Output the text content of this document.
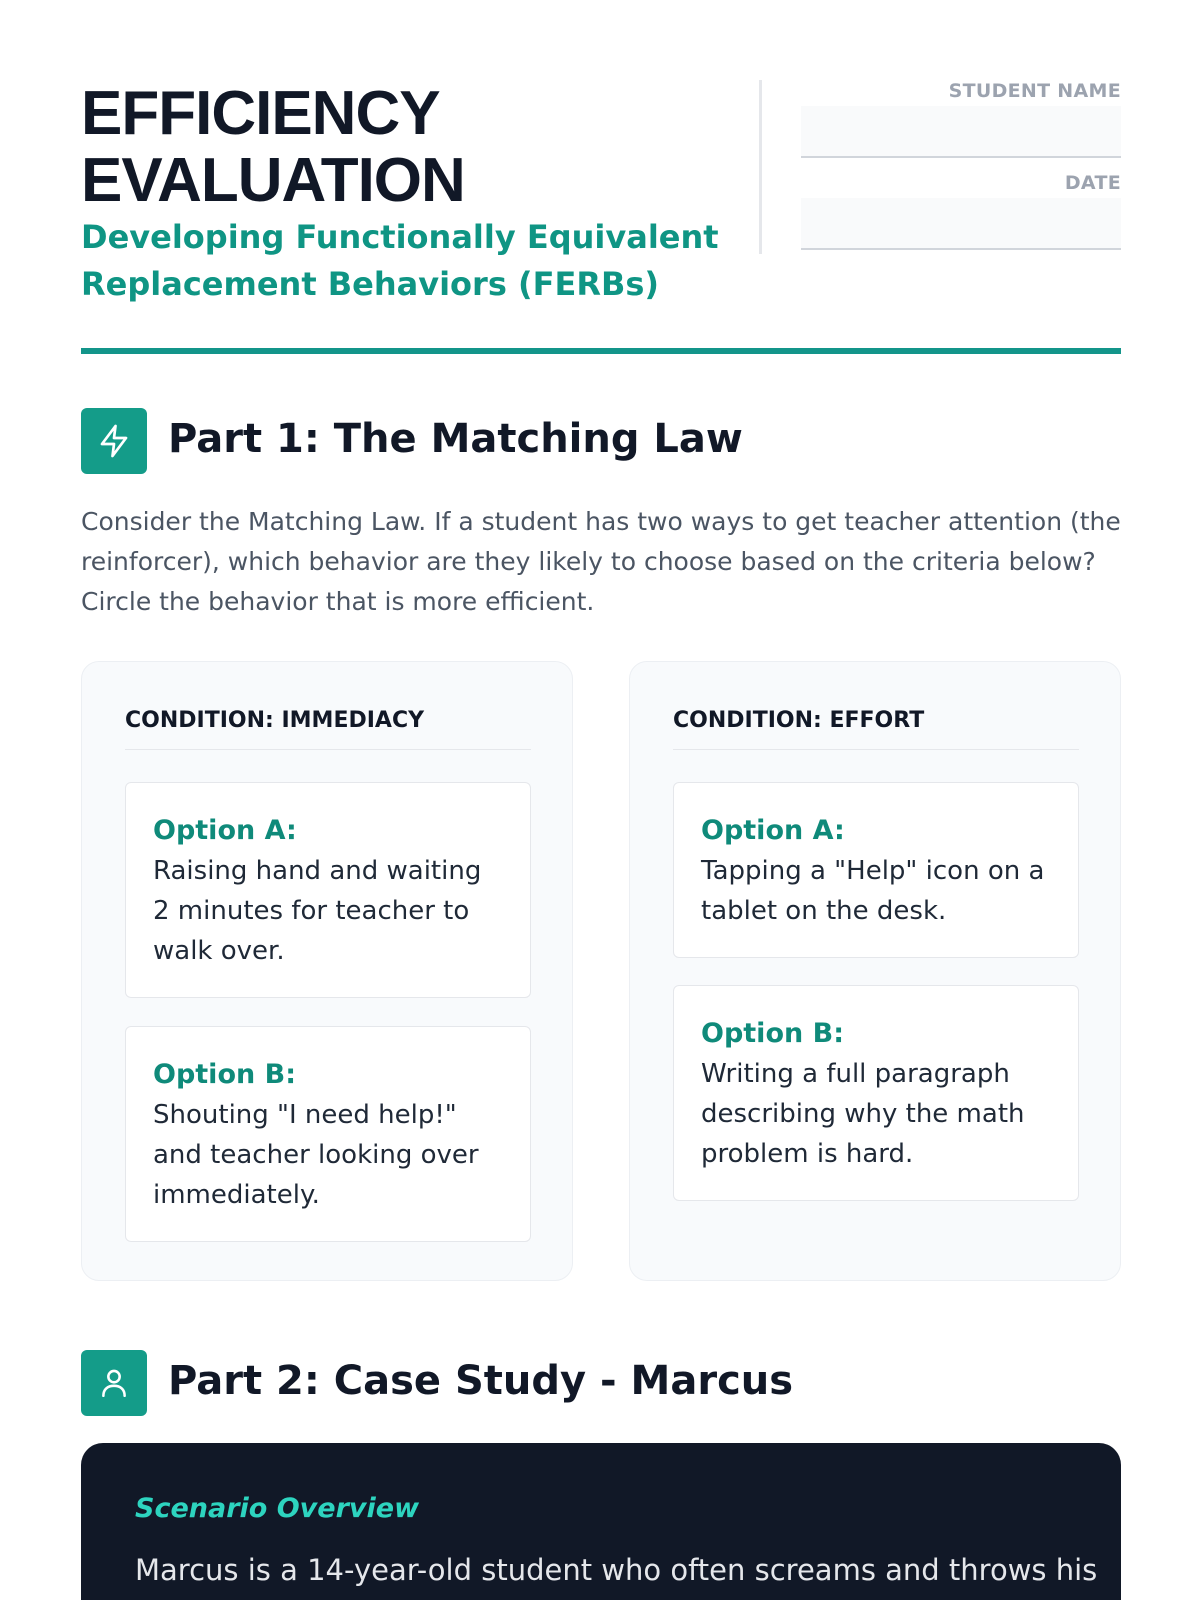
EFFICIENCY
EVALUATION
Developing Functionally Equivalent Replacement Behaviors (FERBs)
STUDENT NAME
DATE
Part 1: The Matching Law

Consider the Matching Law. If a student has two ways to get teacher attention (the reinforcer), which behavior are they likely to choose based on the criteria below? Circle the behavior that is more efficient.

CONDITION: IMMEDIACY
Option A:
Raising hand and waiting 2 minutes for teacher to walk over.
Option B:
Shouting "I need help!" and teacher looking over immediately.
CONDITION: EFFORT
Option A:
Tapping a "Help" icon on a tablet on the desk.
Option B:
Writing a full paragraph describing why the math problem is hard.
Part 2: Case Study - Marcus
Scenario Overview
Marcus is a 14-year-old student who often screams and throws his
